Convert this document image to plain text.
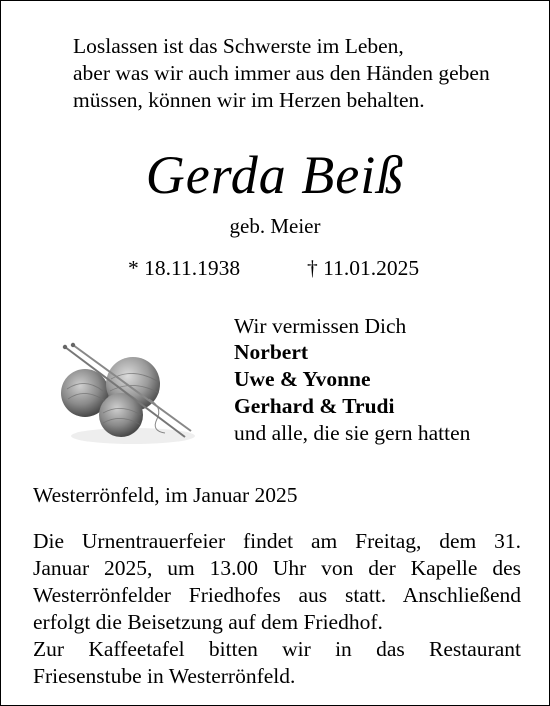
Loslassen ist das Schwerste im Leben,
aber was wir auch immer aus den Händen geben
müssen, können wir im Herzen behalten.
Gerda Beiß
geb. Meier
* 18.11.1938	† 11.01.2025
Wir vermissen Dich
Norbert
Uwe & Yvonne
Gerhard & Trudi
und alle, die sie gern hatten
Westerrönfeld, im Januar 2025
Die Urnentrauerfeier findet am Freitag, dem 31.
Januar 2025, um 13.00 Uhr von der Kapelle des
Westerrönfelder Friedhofes aus statt. Anschließend
erfolgt die Beisetzung auf dem Friedhof.
Zur Kaffeetafel bitten wir in das Restaurant
Friesenstube in Westerrönfeld.
